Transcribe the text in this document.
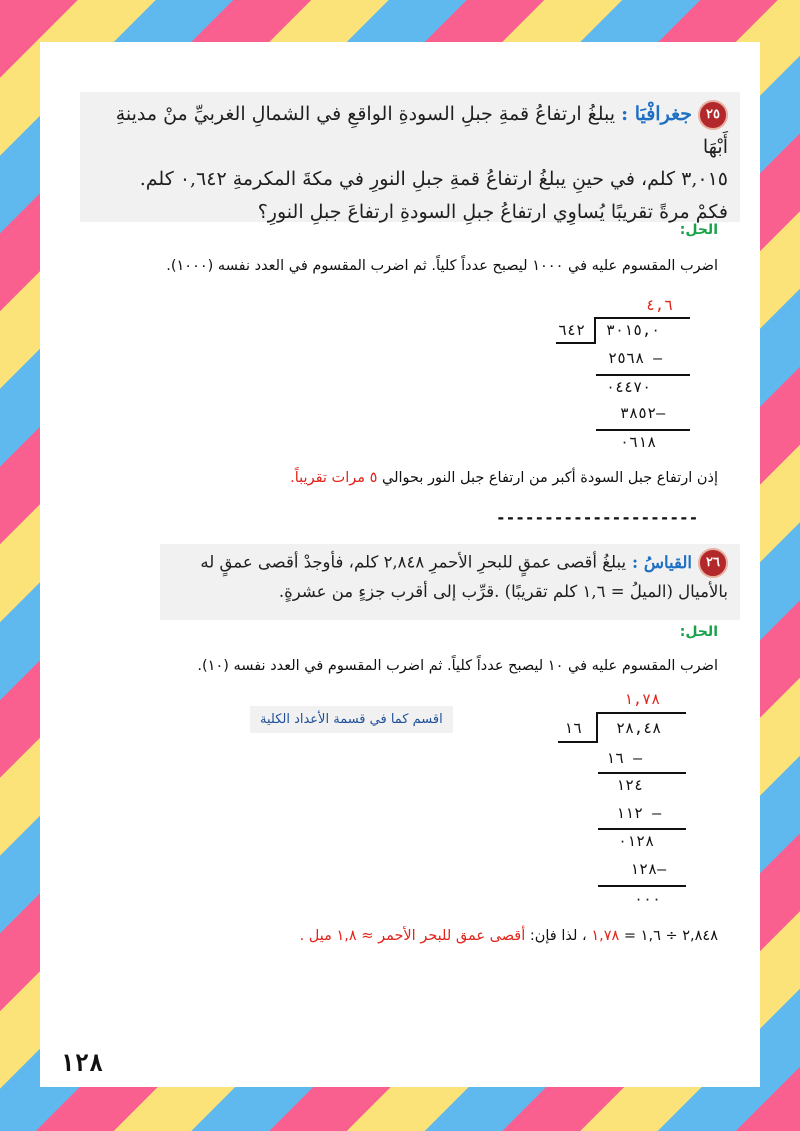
٢٥جغرافْيَا :يبلغُ ارتفاعُ قمةِ جبلِ السودةِ الواقعِ في الشمالِ الغربيِّ منْ مدينةِ أَبْهَا
٣,٠١٥ كلم، في حينِ يبلغُ ارتفاعُ قمةِ جبلِ النورِ في مكةَ المكرمةِ ٠,٦٤٢ كلم.
فكمْ مرةً تقريبًا يُساوِي ارتفاعُ جبلِ السودةِ ارتفاعَ جبلِ النورِ؟
الحل:
اضرب المقسوم عليه في ١٠٠٠ ليصبح عدداً كلياً. ثم اضرب المقسوم في العدد نفسه (١٠٠٠).
٤,٦
٦٤٢ ٣٠١٥,٠
٢٥٦٨ –
٠٤٤٧٠
٣٨٥٢–
٠٦١٨
إذن ارتفاع جبل السودة أكبر من ارتفاع جبل النور بحوالي ٥ مرات تقريباً.
---------------------
٢٦القياسُ :يبلغُ أقصى عمقٍ للبحرِ الأحمرِ ٢,٨٤٨ كلم، فأوجدْ أقصى عمقٍ له
بالأميال (الميلُ = ١,٦ كلم تقريبًا) .قرِّب إلى أقرب جزءٍ من عشرةٍ.
الحل:
اضرب المقسوم عليه في ١٠ ليصبح عدداً كلياً. ثم اضرب المقسوم في العدد نفسه (١٠).
اقسم كما في قسمة الأعداد الكلية
١,٧٨
١٦ ٢٨,٤٨
١٦ –
١٢٤
١١٢ –
٠١٢٨
١٢٨–
٠٠٠
٢,٨٤٨ ÷ ١,٦ = ١,٧٨ ، لذا فإن: أقصى عمق للبحر الأحمر ≈ ١,٨ ميل .
١٢٨
